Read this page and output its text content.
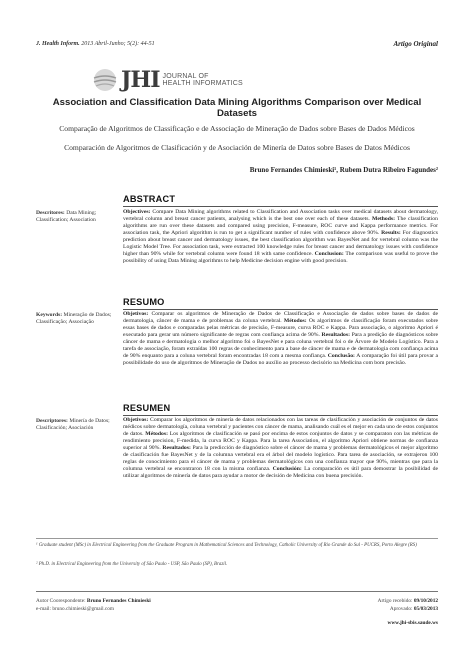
J. Health Inform. 2013 Abril-Junho; 5(2): 44-51	Artigo Original
JHI JOURNAL OF
HEALTH INFORMATICS
Association and Classification Data Mining Algorithms Comparison over Medical Datasets
Comparação de Algoritmos de Classificação e de Associação de Mineração de Dados sobre Bases de Dados Médicos
Comparación de Algoritmos de Clasificación y de Asociación de Minería de Datos sobre Bases de Datos Médicos
Bruno Fernandes Chimieski¹, Rubem Dutra Ribeiro Fagundes²
ABSTRACT
Descritores: Data Mining; Classification; Association
Objectives: Compare Data Mining algorithms related to Classification and Association tasks over medical datasets about dermatology, vertebral column and breast cancer patients, analysing which is the best one over each of these datasets. Methods: The classification algorithms are run over these datasets and compared using precision, F-measure, ROC curve and Kappa performance metrics. For association task, the Apriori algorithm is run to get a significant number of rules with confidence above 90%. Results: For diagnostics prediction about breast cancer and dermatology issues, the best classification algorithm was BayesNet and for vertebral column was the Logistic Model Tree. For association task, were extracted 100 knowledge rules for breast cancer and dermatology issues with confidence higher than 90% while for vertebral column were found 18 with same confidence. Conclusion: The comparison was useful to prove the possibility of using Data Mining algorithms to help Medicine decision engine with good precision.
RESUMO
Keywords: Mineração de Dados; Classificação; Associação
Objetivos: Comparar os algoritmos de Mineração de Dados de Classificação e Associação de dados sobre bases de dados de dermatologia, câncer de mama e de problemas da coluna vertebral. Métodos: Os algoritmos de classificação foram executados sobre essas bases de dados e comparadas pelas métricas de precisão, F-measure, curva ROC e Kappa. Para associação, o algoritmo Apriori é executado para gerar um número significante de regras com confiança acima de 90%. Resultados: Para a predição de diagnósticos sobre câncer de mama e dermatologia o melhor algoritmo foi o BayesNet e para coluna vertebral foi o de Árvore de Modelo Logístico. Para a tarefa de associação, foram extraídas 100 regras de conhecimento para a base de câncer de mama e de dermatologia com confiança acima de 90% enquanto para a coluna vertebral foram encontradas 18 com a mesma confiança. Conclusão: A comparação foi útil para provar a possibilidade do uso de algoritmos de Mineração de Dados no auxílio ao processo decisório na Medicina com bom precisão.
RESUMEN
Descriptores: Minería de Datos; Clasificación; Asociación
Objetivos: Comparar los algoritmos de minería de datos relacionados con las tareas de clasificación y asociación de conjuntos de datos médicos sobre dermatología, coluna vertebral y pacientes con cáncer de mama, analisando cuál es el mejor en cada uno de estos conjuntos de datos. Métodos: Los algoritmos de clasificación se pasó por encima de estos conjuntos de datos y se comparaton con las métricas de rendimiento precision, F-medida, la curva ROC y Kappa. Para la tarea Association, el algoritmo Apriori obtiene normas de confianza superior al 90%. Resultados: Para la predicción de diagnóstico sobre el cáncer de mama y problemas dermatológicos el mejor algoritmo de clasificación fue BayesNet y de la columna vertebral era el árbol del modelo logístico. Para tarea de asociación, se extrajeron 100 reglas de conocimiento para el cáncer de mama y problemas dermatológicos con una confianza mayor que 90%, mientras que para la columna vertebral se encontraron 18 con la misma confianza. Conclusión: La comparación es útil para demostrar la posibilidad de utilizar algoritmos de minería de datos para ayudar a motor de decisión de Medicina con buena precisión.
¹ Graduate student (MSc) in Electrical Engineering from the Graduate Program in Mathematical Sciences and Technology, Catholic University of Rio Grande do Sul - PUCRS, Porto Alegre (RS)
² Ph.D. in Electrical Engineering from the University of São Paulo - USP, São Paulo (SP), Brazil.
Autor Coorespondente: Bruno Fernandes Chimieski
e-mail: bruno.chimieski@gmail.com
Artigo recebido: 09/10/2012
Aprovado: 05/03/2013
www.jhi-sbis.saude.ws
